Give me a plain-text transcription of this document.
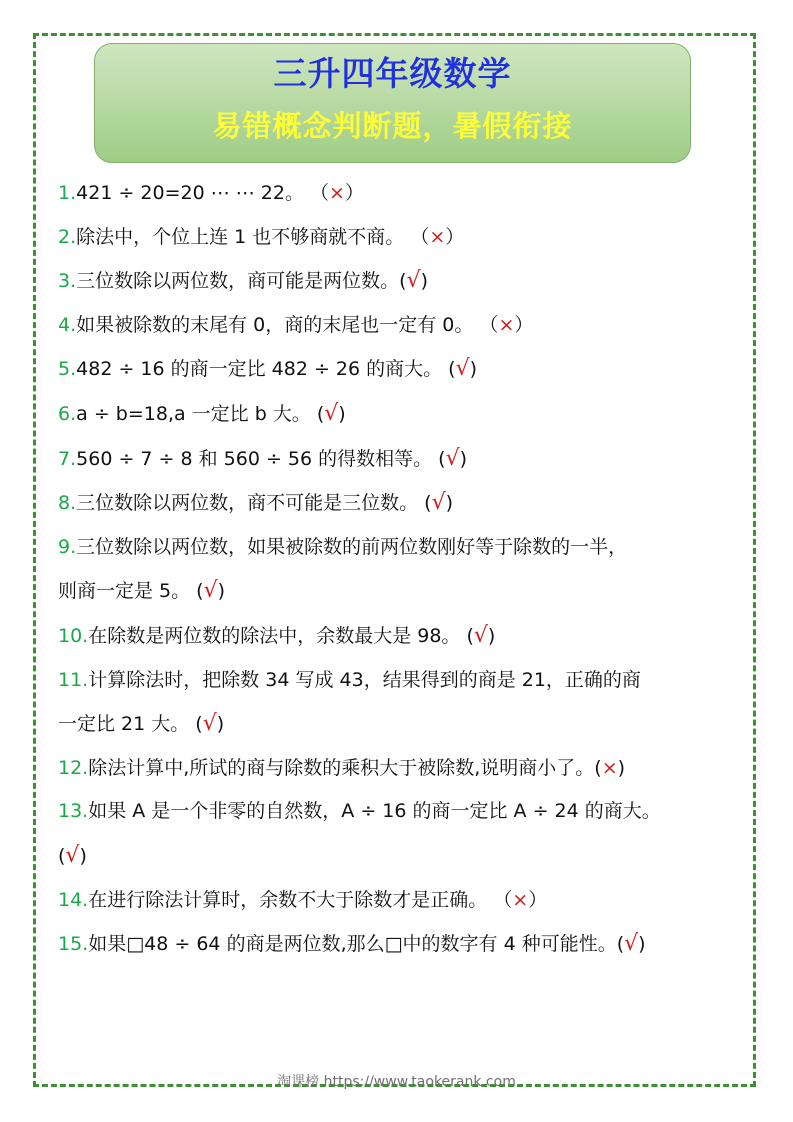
三升四年级数学
易错概念判断题，暑假衔接
1.421 ÷ 20=20 ⋯ ⋯ 22。 （×）
2.除法中，个位上连 1 也不够商就不商。 （×）
3.三位数除以两位数，商可能是两位数。(√)
4.如果被除数的末尾有 0，商的末尾也一定有 0。 （×）
5.482 ÷ 16 的商一定比 482 ÷ 26 的商大。 (√)
6.a ÷ b=18,a 一定比 b 大。 (√)
7.560 ÷ 7 ÷ 8 和 560 ÷ 56 的得数相等。 (√)
8.三位数除以两位数，商不可能是三位数。 (√)
9.三位数除以两位数，如果被除数的前两位数刚好等于除数的一半，
则商一定是 5。 (√)
10.在除数是两位数的除法中，余数最大是 98。 (√)
11.计算除法时，把除数 34 写成 43，结果得到的商是 21，正确的商
一定比 21 大。 (√)
12.除法计算中,所试的商与除数的乘积大于被除数,说明商小了。(×)
13.如果 A 是一个非零的自然数，A ÷ 16 的商一定比 A ÷ 24 的商大。
(√)
14.在进行除法计算时，余数不大于除数才是正确。 （×）
15.如果□48 ÷ 64 的商是两位数,那么□中的数字有 4 种可能性。(√)
淘课榜 https://www.taokerank.com
